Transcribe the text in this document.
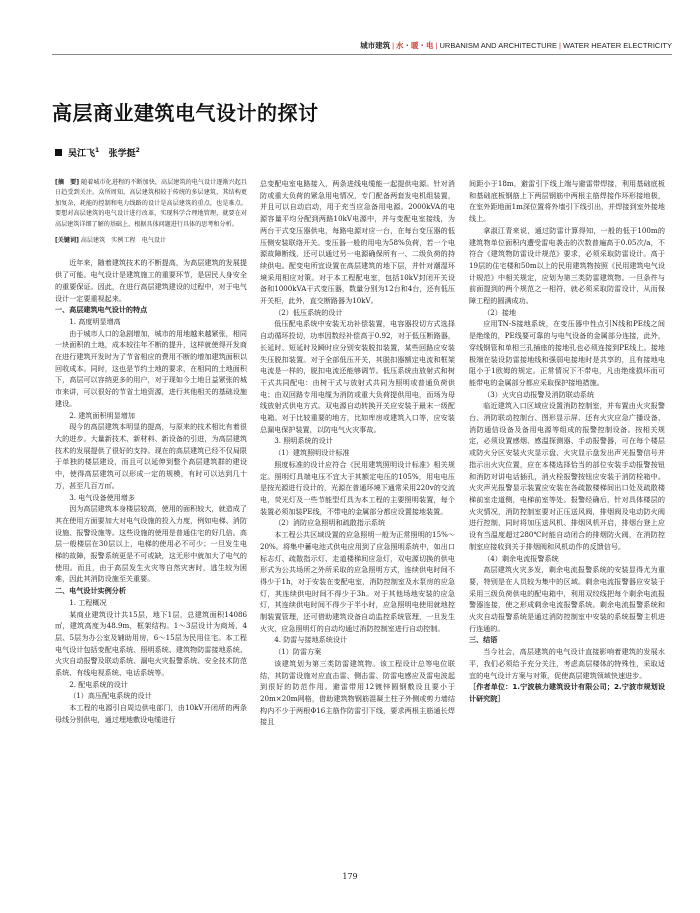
城市建筑 | 水・暖・电 | URBANISM AND ARCHITECTURE | WATER HEATER ELECTRICITY
高层商业建筑电气设计的探讨
吴江飞$^1$ 张学挺$^2$

[摘　要] 随着城市化进程的不断加快，高层建筑的电气设计逐渐兴起且日趋受到关注。众所周知，高层建筑相较于传统的多层建筑，其结构更加复杂，耗能的控制和电力线路的设计是高层建筑的重点，也是难点。要想对高层建筑的电气设计进行改革，实现科学合理地管理，就要在对高层建筑详细了解的基础上，根据具体问题进行具体的思考和分析。

[关键词] 高层建筑　实例工程　电气设计

近年来，随着建筑技术的不断提高，为高层建筑的发展提供了可能。电气设计是建筑施工的重要环节，是居民人身安全的重要保证。因此，在进行高层建筑建设的过程中，对于电气设计一定要重视起来。

一、高层建筑电气设计的特点

1. 高度明显增高

由于城市人口的急剧增加，城市的用地越来越紧张，相同一块面积的土地，成本较往年不断的提升，这样就使得开发商在进行建筑开发时为了节省相应的费用不断的增加建筑面积以回收成本。同时，这也是节约土地的要求，在相同的土地面积下，高层可以容纳更多的用户，对于现如今土地日益紧张的城市来讲，可以很好的节省土地资源，进行其他相关的基础设施建设。

2. 建筑面积明显增加

现今的高层建筑本明显的提高，与原来的技术相比有着很大的进步。大量新技术、新材料、新设备的引进，为高层建筑技术的发展提供了很好的支持。现在的高层建筑已经不仅局限于单独的楼层建设，而且可以延伸到整个高层建筑群的建设中，使得高层建筑可以形成一定的规模，有时可以达到几十万，甚至几百万㎡。

3. 电气设备使用增多

因为高层建筑本身楼层较高，使用的面积较大，就造成了其在使用方面要加大对电气设施的投入力度，例如电梯、消防设施、报警设施等。这些设施的使用是普通住宅的好几倍。高层一般楼层在30层以上，电梯的使用必不可少；一旦发生电梯的故障，报警系统更是不可或缺，这无形中就加大了电气的使用。而且，由于高层发生火灾等自然灾害时，逃生较为困难，因此其消防设施至关重要。

二、电气设计实例分析

1. 工程概况

某商业建筑设计共15层，地下1层，总建筑面积14086㎡，建筑高度为48.9m，框架结构。1～3层设计为商场，4层、5层为办公室及辅助用房，6～15层为民用住宅。本工程电气设计包括变配电系统、照明系统、建筑物防雷接地系统、火灾自动报警及联动系统、漏电火灾报警系统、安全技术防范系统、有线电视系统、电话系统等。

2. 配电系统的设计

（1）高压配电系统的设计

本工程的电源引自周边供电部门，由10kV开闭所的两条母线分别供电，通过埋地敷设电缆进行

总变配电室电路接入，两条进线电缆能一起提供电源。针对消防或重大负荷的紧急用电情况，专门配备两套发电机组装置，并且可以自动启动，用于充当应急备用电源。2000kVA的电源容量平均分配到两路10kV电源中，并与变配电室接线，为两台干式变压器供电，每路电源对应一台，在每台变压器的低压侧安装联络开关。变压器一般的用电为58%负荷，若一个电源故障断线，还可以通过另一电源确保所有一、二级负荷的持续供电。配变电所宜设置在高层建筑的地下层，并针对潮湿环境采用相应对策。对于本工程配电室，包括10kV封闭开关设备和1000kVA干式变压器，数量分别为12台和4台，还有低压开关柜，此外，直交断路器为10kV。

（2）低压系统的设计

低压配电系统中安装无功补偿装置，电容器投切方式选择自动循环投切，功率因数经补偿高于0.92，对于低压断路器，长延时、短延时及瞬时应分别安装脱扣装置，某些回路应安装失压脱扣装置。对于全部低压开关，其脱扣器额定电流和框架电流是一样的，脱扣电流还能够调节。低压系统由放射式和树干式共同配电：由树干式与放射式共同为照明或普通负荷供电；由双回路专用电缆为消防或重大负荷提供用电，而场为母线放射式供电方式。双电源自动转换开关应安装于最末一级配电箱。对于比较重要的地方，比如库房或建筑入口等，应安装总漏电保护装置，以防电气火灾事故。

3. 照明系统的设计

（1）建筑照明设计标准

照度标准的设计应符合《民用建筑照明设计标准》相关规定。照明灯具端电压不宜大于其额定电压的105%，用电电压是按光源进行设计的，光源在普通环境下通常采用220v的交流电，荧光灯及一些节能型灯具为本工程的主要照明装置，每个装置必须加装PE线，不带电的金属部分都应设置接地装置。

（2）消防应急照明和疏散指示系统

本工程公共区域设置的应急照明一般为正常照明的15%～20%。将集中蓄电池式供电应用到了应急照明系统中，如出口标志灯、疏散指示灯、走道楼梯间应急灯，双电源切换的供电形式为公共场所之外所采取的应急照明方式，连续供电时间不得少于1h，对于安装在变配电室，消防控制室及水泵房的应急灯，其连续供电时间不得少于3h。对于其他场地安装的应急灯，其连续供电时间不得少于半小时，应急照明电使用就地控制装置管理，还可借助建筑设备自动监控系统管理，一旦发生火灾，应急照明灯的自动均通过消防控制室进行自动控制。

4. 防雷与接地系统设计

（1）防雷方案

该建筑划为第三类防雷建筑物。该工程设计总等电位联结，其防雷设施对应直击雷、侧击雷、防雷电感应及雷电波起到很好的防范作用。避雷带用12镀锌圆钢敷设且要小于20m×20m网格，借助建筑物钢筋混凝土柱子外侧或剪力墙结构内不少于两根Φ16主筋作防雷引下线，要求两根主筋通长焊接且

间距小于18m，避雷引下线上端与避雷带焊接，利用基础底板和基础底板钢筋上下两层钢筋中两根主筋焊接作环形接地极，在室外距地面1m深位置将外墙引下线引出，并焊接到室外接地线上。

拿淑江青来说，通过防雷计算得知，一般的低于100m的建筑物单位面积内遭受雷电袭击的次数普遍高于0.05次/a，不符合《建筑物防雷设计规范》要求，必须采取防雷设计。高于19层的住宅楼和50m以上的民用建筑物按照《民用建筑电气设计规范》中相关规定，应划为第三类防雷建筑物。一旦条件与前面提到的两个规范之一相符，就必须采取防雷设计，从而保障工程的圆满成功。

（2）接地

应用TN-S接地系统，在变压器中性点引N线和PE线之间是绝缘的，PE线要可靠的与电气设备的金属部分连接，此外，穿线钢管和单相三孔插座的接地孔也必须连接到PE线上。接地极端在装设防雷接地线和强弱电接地时是共享的，且有接地电阻小于1欧姆的规定。正常情况下不带电，凡由绝缘损坏而可能带电的金属部分都应采取保护接地措施。

（3）火灾自动报警及消防联动系统

临近建筑入口区域应设置消防控制室，并布置由火灾报警台、消防联动控制台、图形显示屏、还有火灾应急广播设备、消防通信设备及备用电源等组成的报警控制设备。按相关规定，必须设置感烟、感温探测器、手动报警器，可在每个楼层或防火分区安装火灾显示盘、火灾显示盘发出声光报警信号并指示出火灾位置，应在本楼选择恰当的部位安装手动报警按钮和消防对讲电话插孔，消火栓报警按钮应安装于消防栓箱中。火灾声光报警显示装置应安装在各疏散楼梯间出口处及疏散楼梯前室走道侧，电梯前室等处。报警经确后，针对具体楼层的火灾情况，消防控制室要对正压送风阀，排烟阀及电动防火阀进行控制，同时将加压送风机、排烟风机开启，排烟台登上应设有当温度超过280℃时能自动闭合的排烟防火阀，在消防控制室应接收到关于排烟阀和风机动作的反馈信号。

（4）剩余电流报警系统

高层建筑火灾多发，剩余电流报警系统的安装显得尤为重要，特别是在人员较为集中的区域。剩余电流报警器应安装于采用三级负荷供电的配电箱中，利用双绞线把每个剩余电流报警器连接，使之形成剩余电流报警系统。剩余电流报警系统和火灾自动报警系统是通过消防控制室中安装的系统报警主机进行连通的。

三、结语

当今社会，高层建筑的电气设计直接影响着建筑的发展水平，我们必须给予充分关注，考虑高层楼体的特殊性，采取适宜的电气设计方案与对策，促使高层建筑领域快速进步。

［作者单位：1.宁波核力建筑设计有限公司；2.宁波市规划设计研究院］

179
